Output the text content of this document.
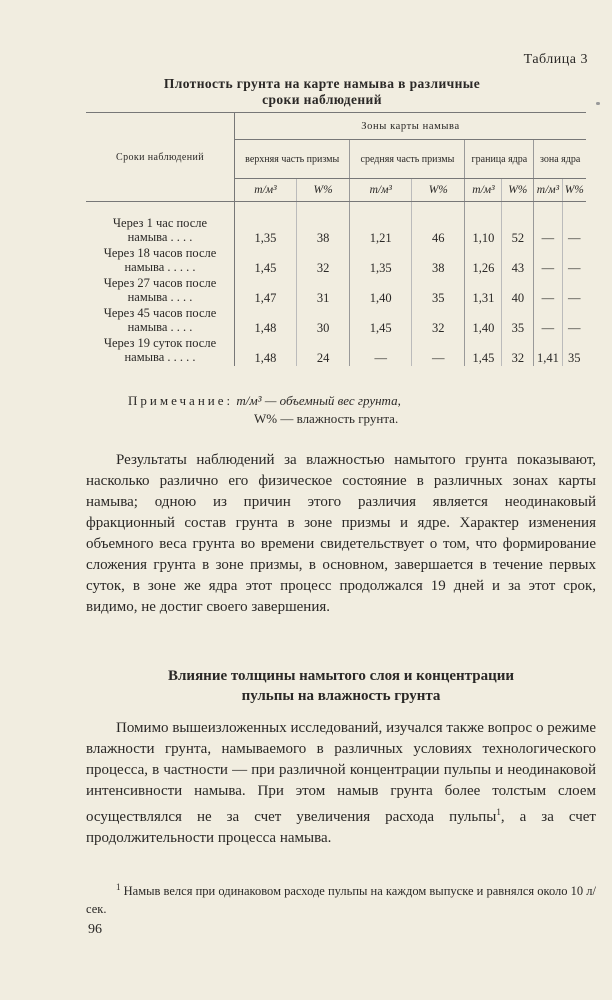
Таблица 3
Плотность грунта на карте намыва в различные
сроки наблюдений
Сроки наблюдений	Зоны карты намыва							
	верхняя часть призмы		средняя часть призмы		граница ядра		зона ядра	
	т/м³	W%	т/м³	W%	т/м³	W%	т/м³	W%

Через 1 час после
намыва . . . .	1,35	38	1,21	46	1,10	52	—	—

Через 18 часов после
намыва . . . . .	1,45	32	1,35	38	1,26	43	—	—

Через 27 часов после
намыва . . . .	1,47	31	1,40	35	1,31	40	—	—

Через 45 часов после
намыва . . . .	1,48	30	1,45	32	1,40	35	—	—

Через 19 суток после
намыва . . . . .	1,48	24	—	—	1,45	32	1,41	35
Примечание: т/м³ — объемный вес грунта,
W% — влажность грунта.

Результаты наблюдений за влажностью намытого грунта показывают, насколько различно его физическое состояние в различных зонах карты намыва; одною из причин этого различия является неодинаковый фракционный состав грунта в зоне призмы и ядре. Характер изменения объемного веса грунта во времени свидетельствует о том, что формирование сложения грунта в зоне призмы, в основном, завершается в течение первых суток, в зоне же ядра этот процесс продолжался 19 дней и за этот срок, видимо, не достиг своего завершения.

Влияние толщины намытого слоя и концентрации
пульпы на влажность грунта

Помимо вышеизложенных исследований, изучался также вопрос о режиме влажности грунта, намываемого в различных условиях технологического процесса, в частности — при различной концентрации пульпы и неодинаковой интенсивности намыва. При этом намыв грунта более толстым слоем осуществлялся не за счет увеличения расхода пульпы$^1$, а за счет продолжительности процесса намыва.

$^1$ Намыв велся при одинаковом расходе пульпы на каждом выпуске и равнялся около 10 л/сек.
96
